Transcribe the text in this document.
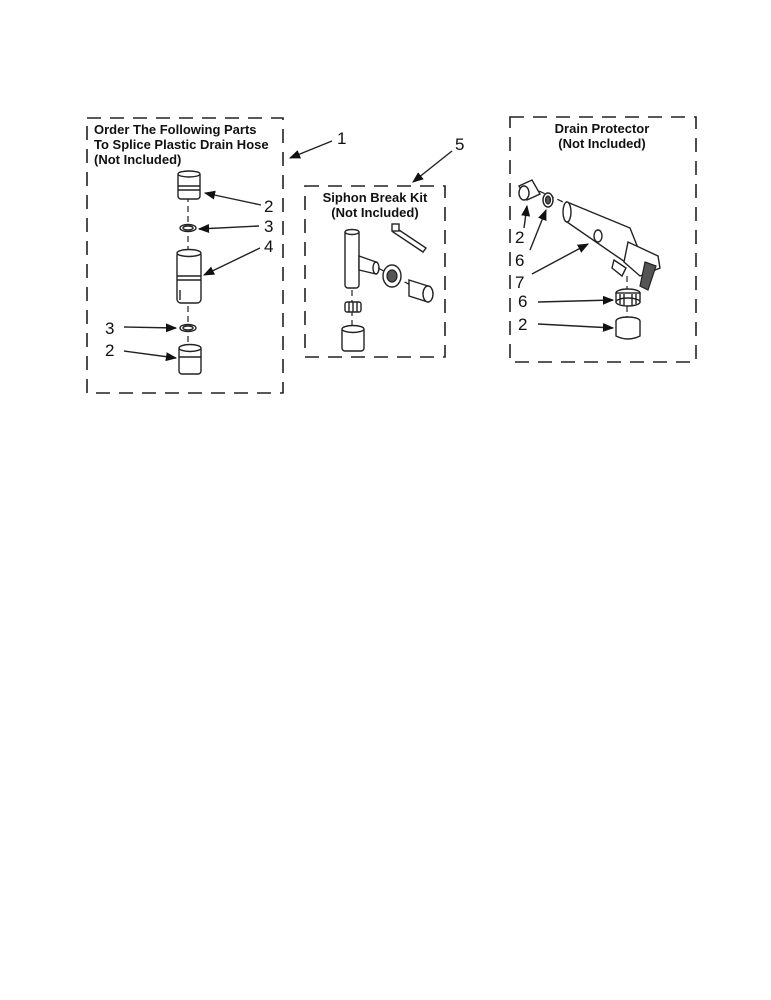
Order The Following Parts
To Splice Plastic Drain Hose
(Not Included)
2
3
4
3
2
1
Siphon Break Kit
(Not Included)
5
Drain Protector
(Not Included)
2
6
7
6
2
